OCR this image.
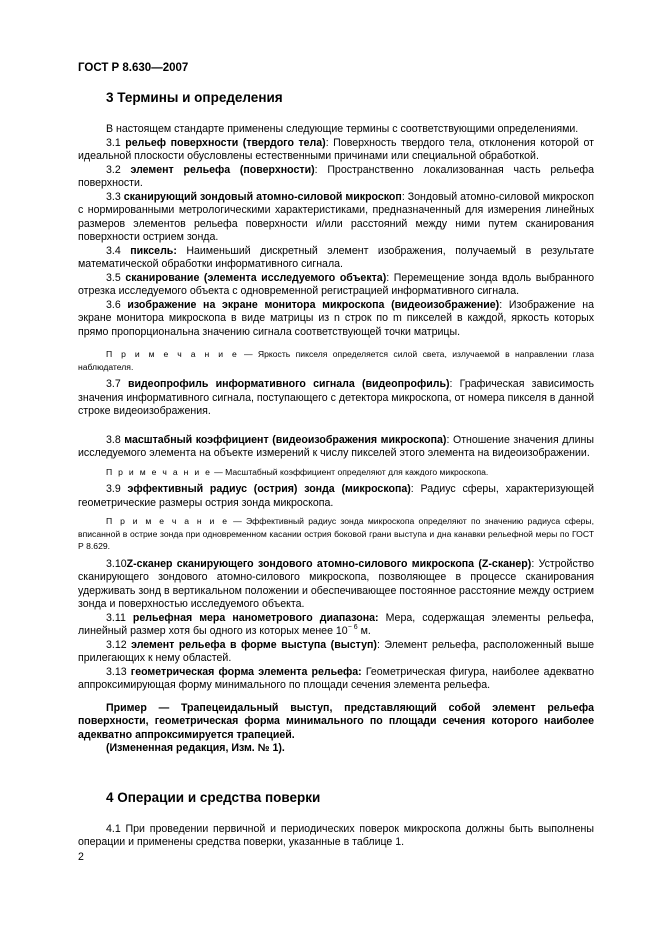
ГОСТ Р 8.630—2007
3 Термины и определения

В настоящем стандарте применены следующие термины с соответствующими определениями.

3.1 рельеф поверхности (твердого тела): Поверхность твердого тела, отклонения которой от идеальной плоскости обусловлены естественными причинами или специальной обработкой.

3.2 элемент рельефа (поверхности): Пространственно локализованная часть рельефа поверхности.

3.3 сканирующий зондовый атомно-силовой микроскоп: Зондовый атомно-силовой микроскоп с нормированными метрологическими характеристиками, предназначенный для измерения линейных размеров элементов рельефа поверхности и/или расстояний между ними путем сканирования поверхности острием зонда.

3.4 пиксель: Наименьший дискретный элемент изображения, получаемый в результате математической обработки информативного сигнала.

3.5 сканирование (элемента исследуемого объекта): Перемещение зонда вдоль выбранного отрезка исследуемого объекта с одновременной регистрацией информативного сигнала.

3.6 изображение на экране монитора микроскопа (видеоизображение): Изображение на экране монитора микроскопа в виде матрицы из n строк по m пикселей в каждой, яркость которых прямо пропорциональна значению сигнала соответствующей точки матрицы.

П р и м е ч а н и е — Яркость пикселя определяется силой света, излучаемой в направлении глаза наблюдателя.

3.7 видеопрофиль информативного сигнала (видеопрофиль): Графическая зависимость значения информативного сигнала, поступающего с детектора микроскопа, от номера пикселя в данной строке видеоизображения.

3.8 масштабный коэффициент (видеоизображения микроскопа): Отношение значения длины исследуемого элемента на объекте измерений к числу пикселей этого элемента на видеоизображении.

П р и м е ч а н и е — Масштабный коэффициент определяют для каждого микроскопа.

3.9 эффективный радиус (острия) зонда (микроскопа): Радиус сферы, характеризующей геометрические размеры острия зонда микроскопа.

П р и м е ч а н и е — Эффективный радиус зонда микроскопа определяют по значению радиуса сферы, вписанной в острие зонда при одновременном касании острия боковой грани выступа и дна канавки рельефной меры по ГОСТ Р 8.629.

3.10Z-сканер сканирующего зондового атомно-силового микроскопа (Z-сканер): Устройство сканирующего зондового атомно-силового микроскопа, позволяющее в процессе сканирования удерживать зонд в вертикальном положении и обеспечивающее постоянное расстояние между острием зонда и поверхностью исследуемого объекта.

3.11 рельефная мера нанометрового диапазона: Мера, содержащая элементы рельефа, линейный размер хотя бы одного из которых менее $10^{- 6}$ м.

3.12 элемент рельефа в форме выступа (выступ): Элемент рельефа, расположенный выше прилегающих к нему областей.

3.13 геометрическая форма элемента рельефа: Геометрическая фигура, наиболее адекватно аппроксимирующая форму минимального по площади сечения элемента рельефа.

Пример — Трапецеидальный выступ, представляющий собой элемент рельефа поверхности, геометрическая форма минимального по площади сечения которого наиболее адекватно аппроксимируется трапецией.

(Измененная редакция, Изм. № 1).

4 Операции и средства поверки

4.1 При проведении первичной и периодических поверок микроскопа должны быть выполнены операции и применены средства поверки, указанные в таблице 1.

2
